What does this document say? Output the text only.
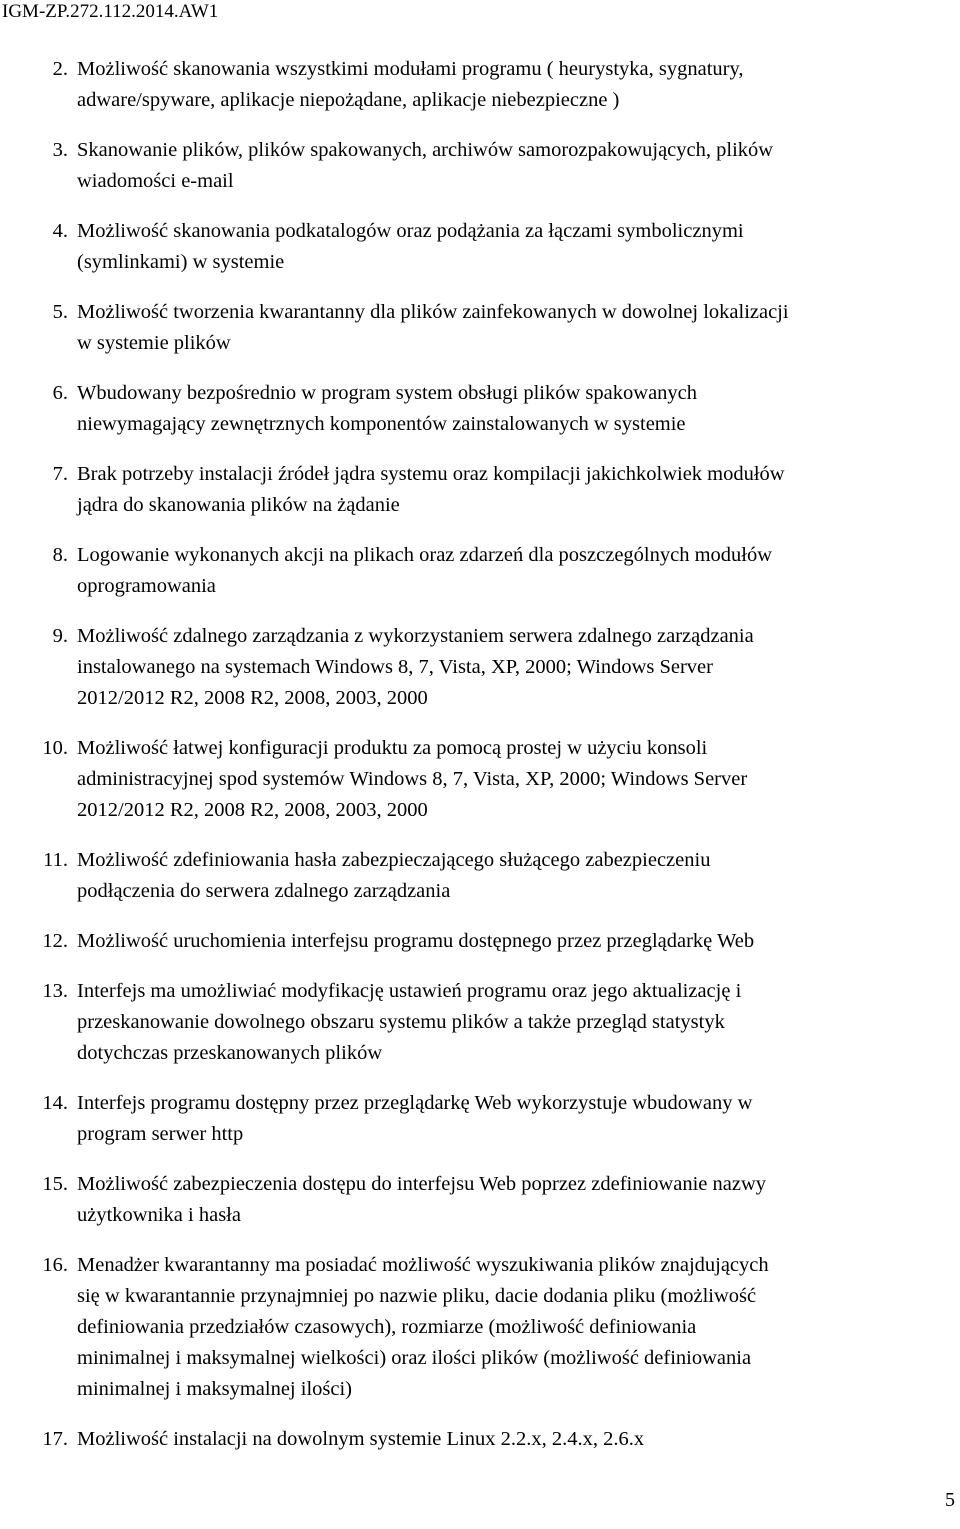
IGM-ZP.272.112.2014.AW1
2. Możliwość skanowania wszystkimi modułami programu ( heurystyka, sygnatury,
adware/spyware, aplikacje niepożądane, aplikacje niebezpieczne )
3. Skanowanie plików, plików spakowanych, archiwów samorozpakowujących, plików
wiadomości e-mail
4. Możliwość skanowania podkatalogów oraz podążania za łączami symbolicznymi
(symlinkami) w systemie
5. Możliwość tworzenia kwarantanny dla plików zainfekowanych w dowolnej lokalizacji
w systemie plików
6. Wbudowany bezpośrednio w program system obsługi plików spakowanych
niewymagający zewnętrznych komponentów zainstalowanych w systemie
7. Brak potrzeby instalacji źródeł jądra systemu oraz kompilacji jakichkolwiek modułów
jądra do skanowania plików na żądanie
8. Logowanie wykonanych akcji na plikach oraz zdarzeń dla poszczególnych modułów
oprogramowania
9. Możliwość zdalnego zarządzania z wykorzystaniem serwera zdalnego zarządzania
instalowanego na systemach Windows 8, 7, Vista, XP, 2000; Windows Server
2012/2012 R2, 2008 R2, 2008, 2003, 2000
10. Możliwość łatwej konfiguracji produktu za pomocą prostej w użyciu konsoli
administracyjnej spod systemów Windows 8, 7, Vista, XP, 2000; Windows Server
2012/2012 R2, 2008 R2, 2008, 2003, 2000
11. Możliwość zdefiniowania hasła zabezpieczającego służącego zabezpieczeniu
podłączenia do serwera zdalnego zarządzania
12. Możliwość uruchomienia interfejsu programu dostępnego przez przeglądarkę Web
13. Interfejs ma umożliwiać modyfikację ustawień programu oraz jego aktualizację i
przeskanowanie dowolnego obszaru systemu plików a także przegląd statystyk
dotychczas przeskanowanych plików
14. Interfejs programu dostępny przez przeglądarkę Web wykorzystuje wbudowany w
program serwer http
15. Możliwość zabezpieczenia dostępu do interfejsu Web poprzez zdefiniowanie nazwy
użytkownika i hasła
16. Menadżer kwarantanny ma posiadać możliwość wyszukiwania plików znajdujących
się w kwarantannie przynajmniej po nazwie pliku, dacie dodania pliku (możliwość
definiowania przedziałów czasowych), rozmiarze (możliwość definiowania
minimalnej i maksymalnej wielkości) oraz ilości plików (możliwość definiowania
minimalnej i maksymalnej ilości)
17. Możliwość instalacji na dowolnym systemie Linux 2.2.x, 2.4.x, 2.6.x
5
